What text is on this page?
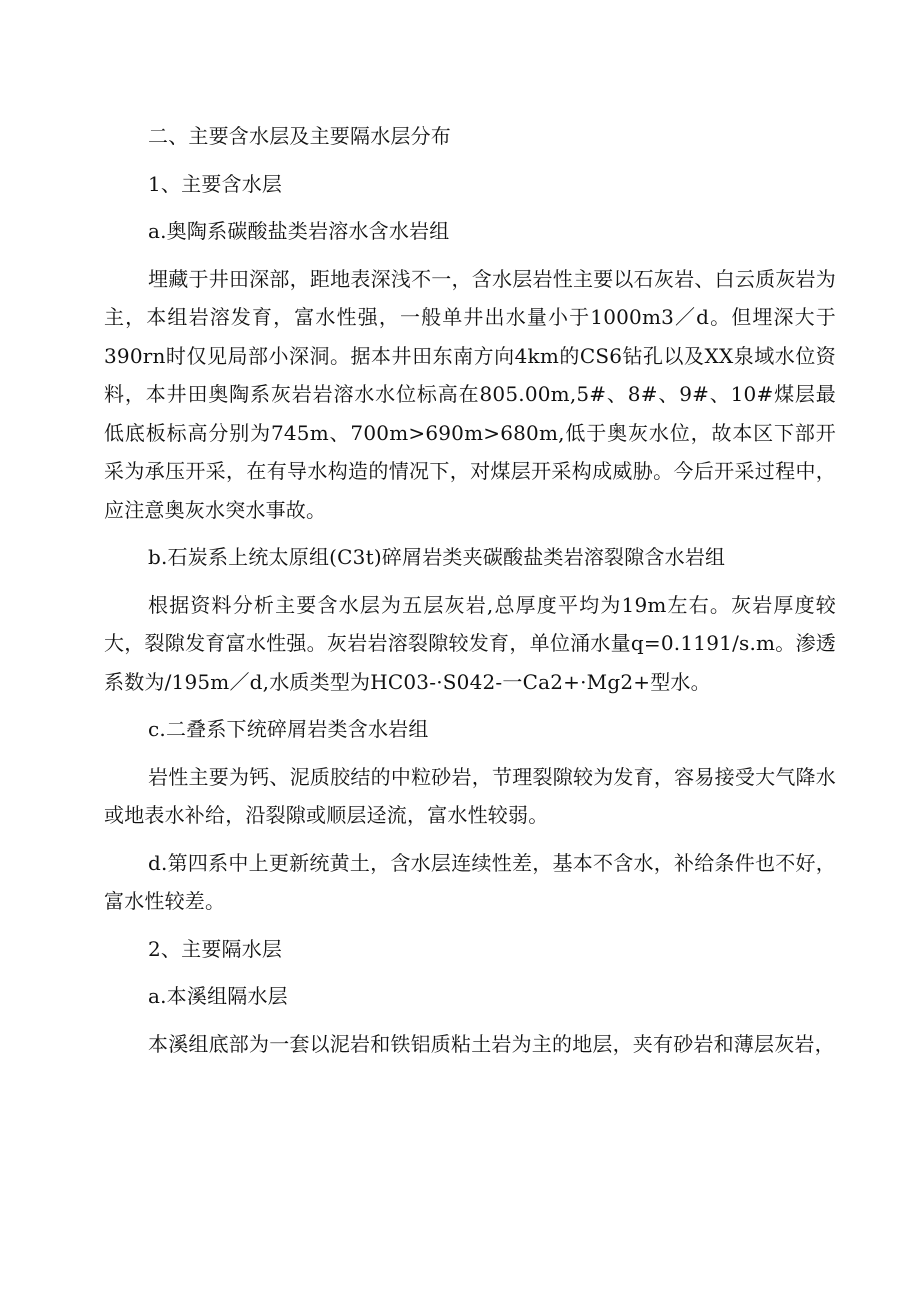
二、主要含水层及主要隔水层分布

1、主要含水层

a.奥陶系碳酸盐类岩溶水含水岩组

埋藏于井田深部，距地表深浅不一，含水层岩性主要以石灰岩、白云质灰岩为主，本组岩溶发育，富水性强，一般单井出水量小于1000m3／d。但埋深大于390rn时仅见局部小深洞。据本井田东南方向4km的CS6钻孔以及XX泉域水位资料，本井田奥陶系灰岩岩溶水水位标高在805.00m,5#、8#、9#、10#煤层最低底板标高分别为745m、700m>690m>680m,低于奥灰水位，故本区下部开采为承压开采，在有导水构造的情况下，对煤层开采构成威胁。今后开采过程中，应注意奥灰水突水事故。

b.石炭系上统太原组(C3t)碎屑岩类夹碳酸盐类岩溶裂隙含水岩组

根据资料分析主要含水层为五层灰岩,总厚度平均为19m左右。灰岩厚度较大，裂隙发育富水性强。灰岩岩溶裂隙较发育，单位涌水量q=0.1191/s.m。渗透系数为/195m／d,水质类型为HC03-·S042-一Ca2+·Mg2+型水。

c.二叠系下统碎屑岩类含水岩组

岩性主要为钙、泥质胶结的中粒砂岩，节理裂隙较为发育，容易接受大气降水或地表水补给，沿裂隙或顺层迳流，富水性较弱。

d.第四系中上更新统黄土，含水层连续性差，基本不含水，补给条件也不好，富水性较差。

2、主要隔水层

a.本溪组隔水层

本溪组底部为一套以泥岩和铁铝质粘土岩为主的地层，夹有砂岩和薄层灰岩，
